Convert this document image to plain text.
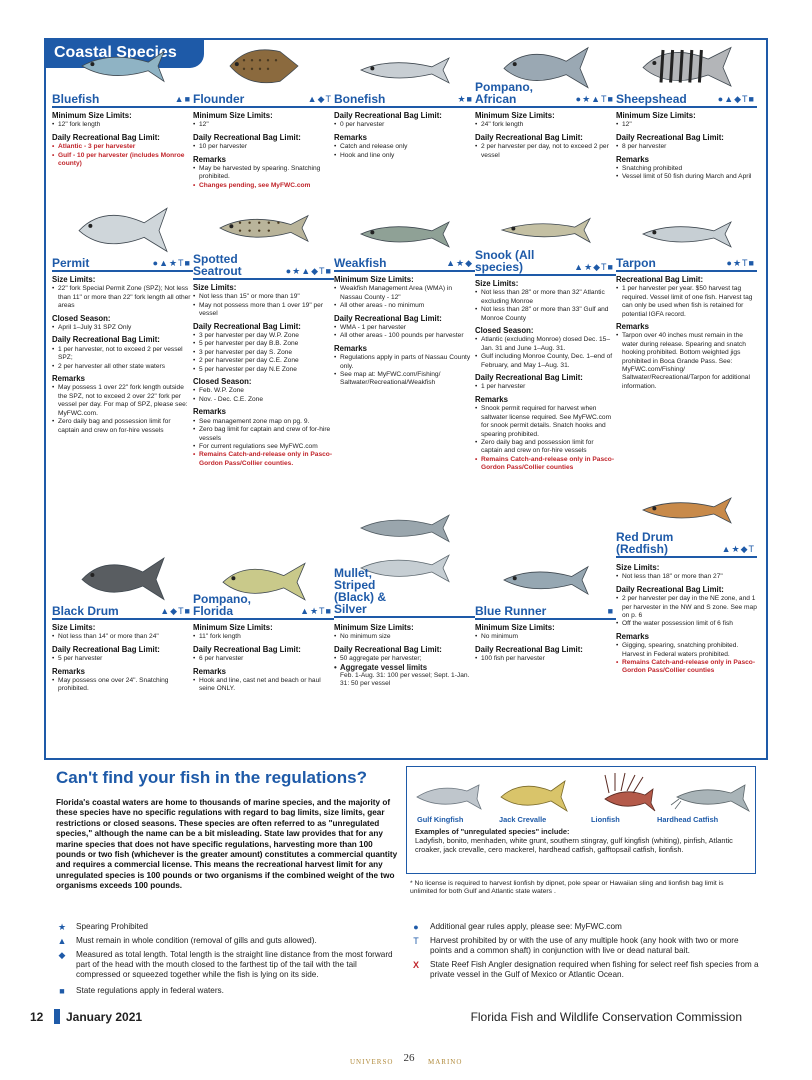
Coastal Species
Bluefish	▲■
Minimum Size Limits:
• 12" fork length
Daily Recreational Bag Limit:
• Atlantic - 3 per harvester
• Gulf - 10 per harvester (includes Monroe county)
Flounder	▲◆T
Minimum Size Limits:
• 12"
Daily Recreational Bag Limit:
• 10 per harvester
Remarks
• May be harvested by spearing. Snatching prohibited.
• Changes pending, see MyFWC.com
Bonefish	★■
Daily Recreational Bag Limit:
• 0 per harvester
Remarks
• Catch and release only
• Hook and line only
Pompano, African	●★▲T■
Minimum Size Limits:
• 24" fork length
Daily Recreational Bag Limit:
• 2 per harvester per day, not to exceed 2 per vessel
Sheepshead	●▲◆T■
Minimum Size Limits:
• 12"
Daily Recreational Bag Limit:
• 8 per harvester
Remarks
• Snatching prohibited
• Vessel limit of 50 fish during March and April
Permit	●▲★T■
Size Limits:
• 22" fork Special Permit Zone (SPZ); Not less than 11" or more than 22" fork length all other areas
Closed Season:
• April 1–July 31 SPZ Only
Daily Recreational Bag Limit:
• 1 per harvester, not to exceed 2 per vessel SPZ;
• 2 per harvester all other state waters
Remarks
• May possess 1 over 22" fork length outside the SPZ, not to exceed 2 over 22" fork per vessel per day. For map of SPZ, please see: MyFWC.com.
• Zero daily bag and possession limit for captain and crew on for-hire vessels
Spotted Seatrout	●★▲◆T■
Size Limits:
• Not less than 15" or more than 19"
• May not possess more than 1 over 19" per vessel
Daily Recreational Bag Limit:
• 3 per harvester per day W.P. Zone
• 5 per harvester per day B.B. Zone
• 3 per harvester per day S. Zone
• 2 per harvester per day C.E. Zone
• 5 per harvester per day N.E Zone
Closed Season:
• Feb. W.P. Zone
• Nov. - Dec. C.E. Zone
Remarks
• See management zone map on pg. 9.
• Zero bag limit for captain and crew of for-hire vessels
• For current regulations see MyFWC.com
• Remains Catch-and-release only in Pasco-Gordon Pass/Collier counties.
Weakfish	▲★◆
Minimum Size Limits:
• Weakfish Management Area (WMA) in Nassau County - 12"
• All other areas - no minimum
Daily Recreational Bag Limit:
• WMA - 1 per harvester
• All other areas - 100 pounds per harvester
Remarks
• Regulations apply in parts of Nassau County only.
• See map at: MyFWC.com/Fishing/ Saltwater/Recreational/Weakfish
Snook (All species)	▲★◆T■
Size Limits:
• Not less than 28" or more than 32" Atlantic excluding Monroe
• Not less than 28" or more than 33" Gulf and Monroe County
Closed Season:
• Atlantic (excluding Monroe) closed Dec. 15–Jan. 31 and June 1–Aug. 31.
• Gulf including Monroe County, Dec. 1–end of February, and May 1–Aug. 31.
Daily Recreational Bag Limit:
• 1 per harvester
Remarks
• Snook permit required for harvest when saltwater license required. See MyFWC.com for snook permit details. Snatch hooks and spearing prohibited.
• Zero daily bag and possession limit for captain and crew on for-hire vessels
• Remains Catch-and-release only in Pasco-Gordon Pass/Collier counties
Tarpon	●★T■
Recreational Bag Limit:
• 1 per harvester per year. $50 harvest tag required. Vessel limit of one fish. Harvest tag can only be used when fish is retained for potential IGFA record.
Remarks
• Tarpon over 40 inches must remain in the water during release. Spearing and snatch hooking prohibited. Bottom weighted jigs prohibited in Boca Grande Pass. See: MyFWC.com/Fishing/ Saltwater/Recreational/Tarpon for additional information.
Red Drum (Redfish)	▲★◆T
Size Limits:
• Not less than 18" or more than 27"
Daily Recreational Bag Limit:
• 2 per harvester per day in the NE zone, and 1 per harvester in the NW and S zone. See map on p. 6
• Off the water possession limit of 6 fish
Remarks
• Gigging, spearing, snatching prohibited. Harvest in Federal waters prohibited.
• Remains Catch-and-release only in Pasco-Gordon Pass/Collier counties
Black Drum	▲◆T■
Size Limits:
• Not less than 14" or more than 24"
Daily Recreational Bag Limit:
• 5 per harvester
Remarks
• May possess one over 24". Snatching prohibited.
Pompano, Florida	▲★T■
Minimum Size Limits:
• 11" fork length
Daily Recreational Bag Limit:
• 6 per harvester
Remarks
• Hook and line, cast net and beach or haul seine ONLY.
Mullet, Striped (Black) & Silver
Minimum Size Limits:
• No minimum size
Daily Recreational Bag Limit:
• 50 aggregate per harvester;
• Aggregate vessel limits
Feb. 1-Aug. 31: 100 per vessel; Sept. 1-Jan. 31: 50 per vessel
Blue Runner	■
Minimum Size Limits:
• No minimum
Daily Recreational Bag Limit:
• 100 fish per harvester
Can't find your fish in the regulations?
Florida's coastal waters are home to thousands of marine species, and the majority of these species have no specific regulations with regard to bag limits, size limits, gear restrictions or closed seasons. These species are often referred to as "unregulated species," although the name can be a bit misleading. State law provides that for any marine species that does not have specific regulations, harvesting more than 100 pounds or two fish (whichever is the greater amount) constitutes a commercial quantity and requires a commercial license. This means the recreational harvest limit for any unregulated species is 100 pounds or two organisms if the combined weight of the two organisms exceeds 100 pounds.
Gulf Kingfish	Jack Crevalle	Lionfish	Hardhead Catfish
Examples of "unregulated species" include:
Ladyfish, bonito, menhaden, white grunt, southern stingray, gulf kingfish (whiting), pinfish, Atlantic croaker, jack crevalle, cero mackerel, hardhead catfish, gafftopsail catfish, lionfish.
* No license is required to harvest lionfish by dipnet, pole spear or Hawaiian sling and lionfish bag limit is unlimited for both Gulf and Atlantic state waters .
★ Spearing Prohibited
▲ Must remain in whole condition (removal of gills and guts allowed).
◆	Measured as total length. Total length is the straight line distance from the most forward part of the head with the mouth closed to the farthest tip of the tail with the tail compressed or squeezed together while the fish is lying on its side.
■	State regulations apply in federal waters.
●	Additional gear rules apply, please see: MyFWC.com
T	Harvest prohibited by or with the use of any multiple hook (any hook with two or more points and a common shaft) in conjunction with live or dead natural bait.
X	State Reef Fish Angler designation required when fishing for select reef fish species from a private vessel in the Gulf of Mexico or Atlantic Ocean.
12 January 2021	Florida Fish and Wildlife Conservation Commission
UNIVERSO 26	MARINO
